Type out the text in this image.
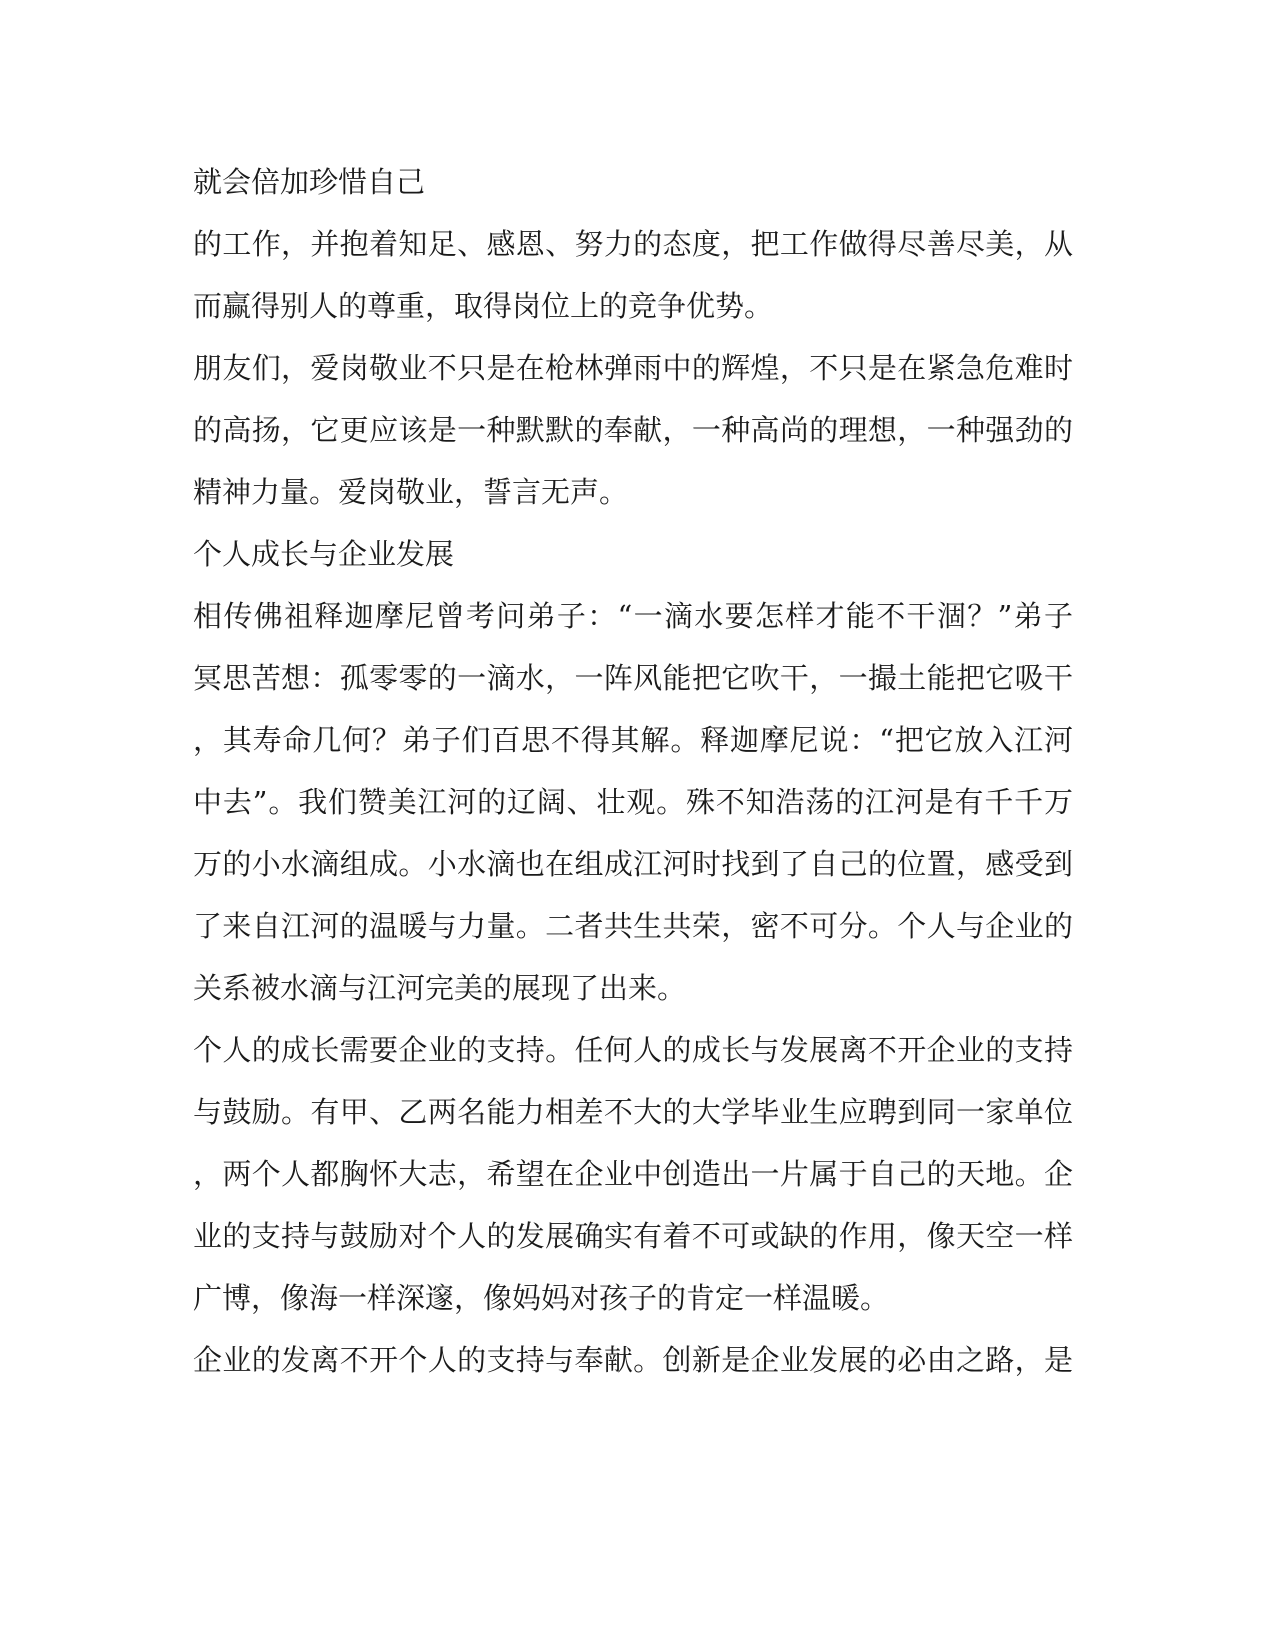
就会倍加珍惜自己
的工作，并抱着知足、感恩、努力的态度，把工作做得尽善尽美，从
而赢得别人的尊重，取得岗位上的竞争优势。
朋友们，爱岗敬业不只是在枪林弹雨中的辉煌，不只是在紧急危难时
的高扬，它更应该是一种默默的奉献，一种高尚的理想，一种强劲的
精神力量。爱岗敬业，誓言无声。
个人成长与企业发展
相传佛祖释迦摩尼曾考问弟子：“一滴水要怎样才能不干涸？”弟子
冥思苦想：孤零零的一滴水，一阵风能把它吹干，一撮土能把它吸干
，其寿命几何？弟子们百思不得其解。释迦摩尼说：“把它放入江河
中去”。我们赞美江河的辽阔、壮观。殊不知浩荡的江河是有千千万
万的小水滴组成。小水滴也在组成江河时找到了自己的位置，感受到
了来自江河的温暖与力量。二者共生共荣，密不可分。个人与企业的
关系被水滴与江河完美的展现了出来。
个人的成长需要企业的支持。任何人的成长与发展离不开企业的支持
与鼓励。有甲、乙两名能力相差不大的大学毕业生应聘到同一家单位
，两个人都胸怀大志，希望在企业中创造出一片属于自己的天地。企
业的支持与鼓励对个人的发展确实有着不可或缺的作用，像天空一样
广博，像海一样深邃，像妈妈对孩子的肯定一样温暖。
企业的发离不开个人的支持与奉献。创新是企业发展的必由之路，是
